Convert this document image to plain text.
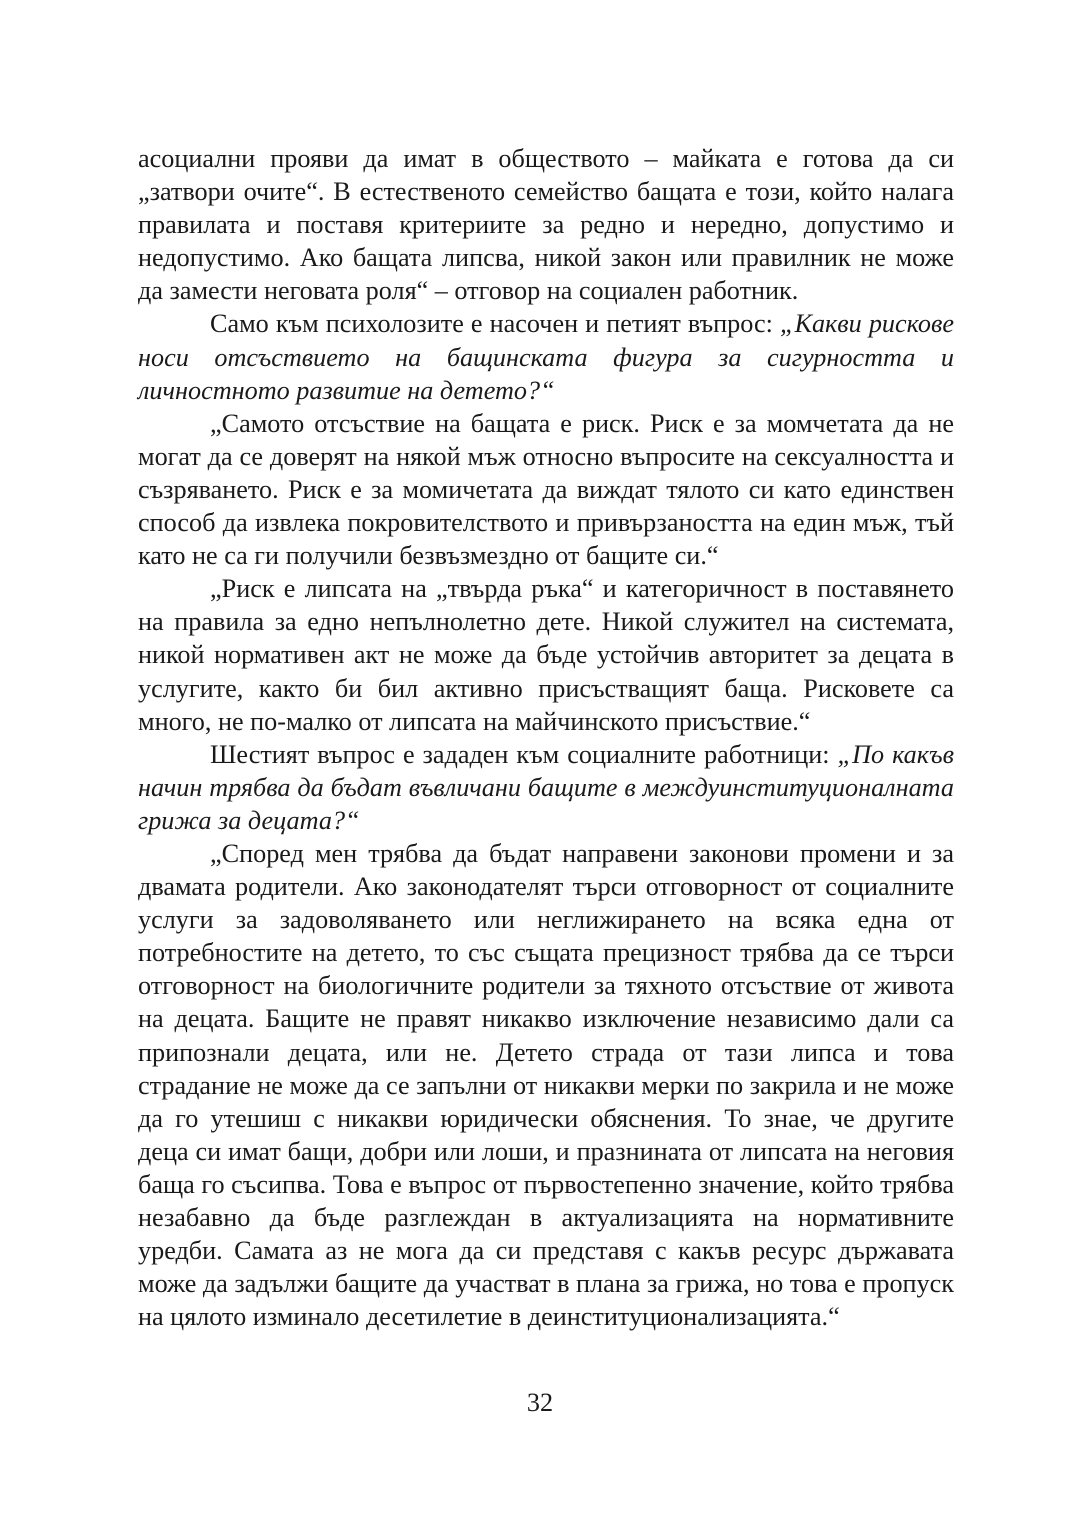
асоциални прояви да имат в обществото – майката е готова да си „затвори очите“. В естественото семейство бащата е този, който налага правилата и поставя критериите за редно и нередно, допустимо и недопустимо. Ако бащата липсва, никой закон или правилник не може да замести неговата роля“ – отговор на социален работник.

Само към психолозите е насочен и петият въпрос: „Какви рискове носи отсъствието на бащинската фигура за сигурността и личностното развитие на детето?“

„Самото отсъствие на бащата е риск. Риск е за момчетата да не могат да се доверят на някой мъж относно въпросите на сексуалността и съзряването. Риск е за момичетата да виждат тялото си като единствен способ да извлека покровителството и привързаността на един мъж, тъй като не са ги получили безвъзмездно от бащите си.“

„Риск е липсата на „твърда ръка“ и категоричност в поставянето на правила за едно непълнолетно дете. Никой служител на системата, никой нормативен акт не може да бъде устойчив авторитет за децата в услугите, както би бил активно присъстващият баща. Рисковете са много, не по-малко от липсата на майчинското присъствие.“

Шестият въпрос е зададен към социалните работници: „По какъв начин трябва да бъдат въвличани бащите в междуинституционалната грижа за децата?“

„Според мен трябва да бъдат направени законови промени и за двамата родители. Ако законодателят търси отговорност от социалните услуги за задоволяването или неглижирането на всяка една от потребностите на детето, то със същата прецизност трябва да се търси отговорност на биологичните родители за тяхното отсъствие от живота на децата. Бащите не правят никакво изключение независимо дали са припознали децата, или не. Детето страда от тази липса и това страдание не може да се запълни от никакви мерки по закрила и не може да го утешиш с никакви юридически обяснения. То знае, че другите деца си имат бащи, добри или лоши, и празнината от липсата на неговия баща го съсипва. Това е въпрос от първостепенно значение, който трябва незабавно да бъде разглеждан в актуализацията на нормативните уредби. Самата аз не мога да си представя с какъв ресурс държавата може да задължи бащите да участват в плана за грижа, но това е пропуск на цялото изминало десетилетие в деинституционализацията.“

32
